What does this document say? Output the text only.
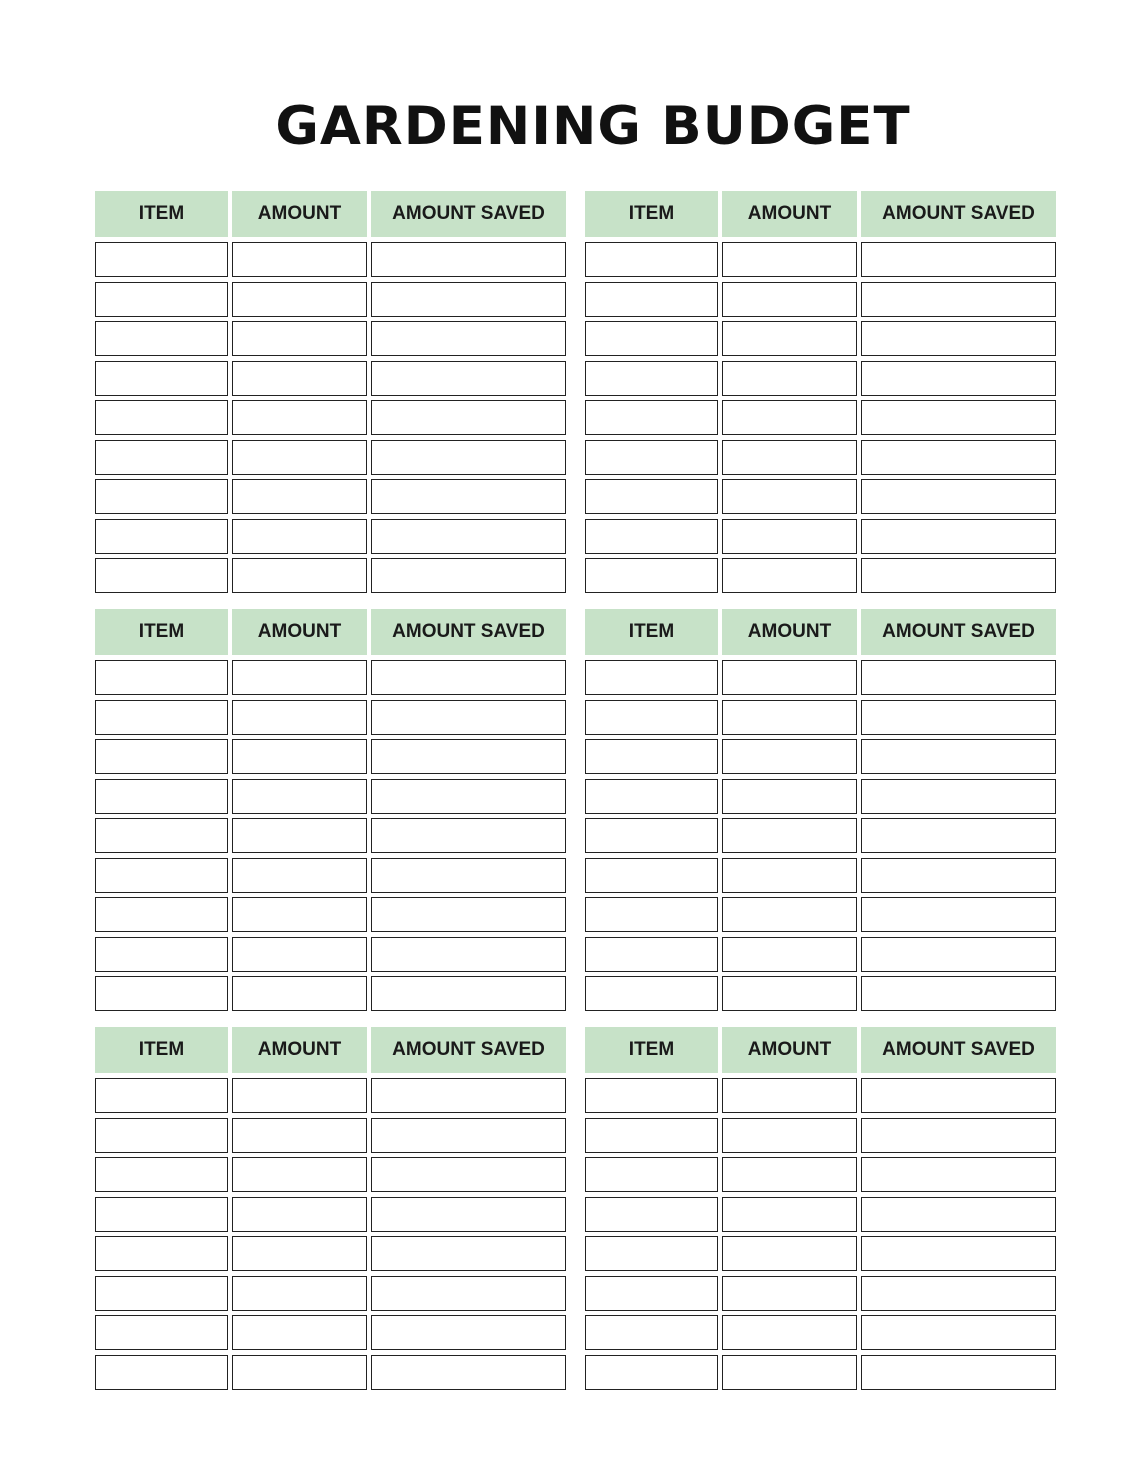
GARDENING BUDGET
ITEM	AMOUNT	AMOUNT SAVED	ITEM	AMOUNT	AMOUNT SAVED
ITEM	AMOUNT	AMOUNT SAVED	ITEM	AMOUNT	AMOUNT SAVED
ITEM	AMOUNT	AMOUNT SAVED	ITEM	AMOUNT	AMOUNT SAVED
